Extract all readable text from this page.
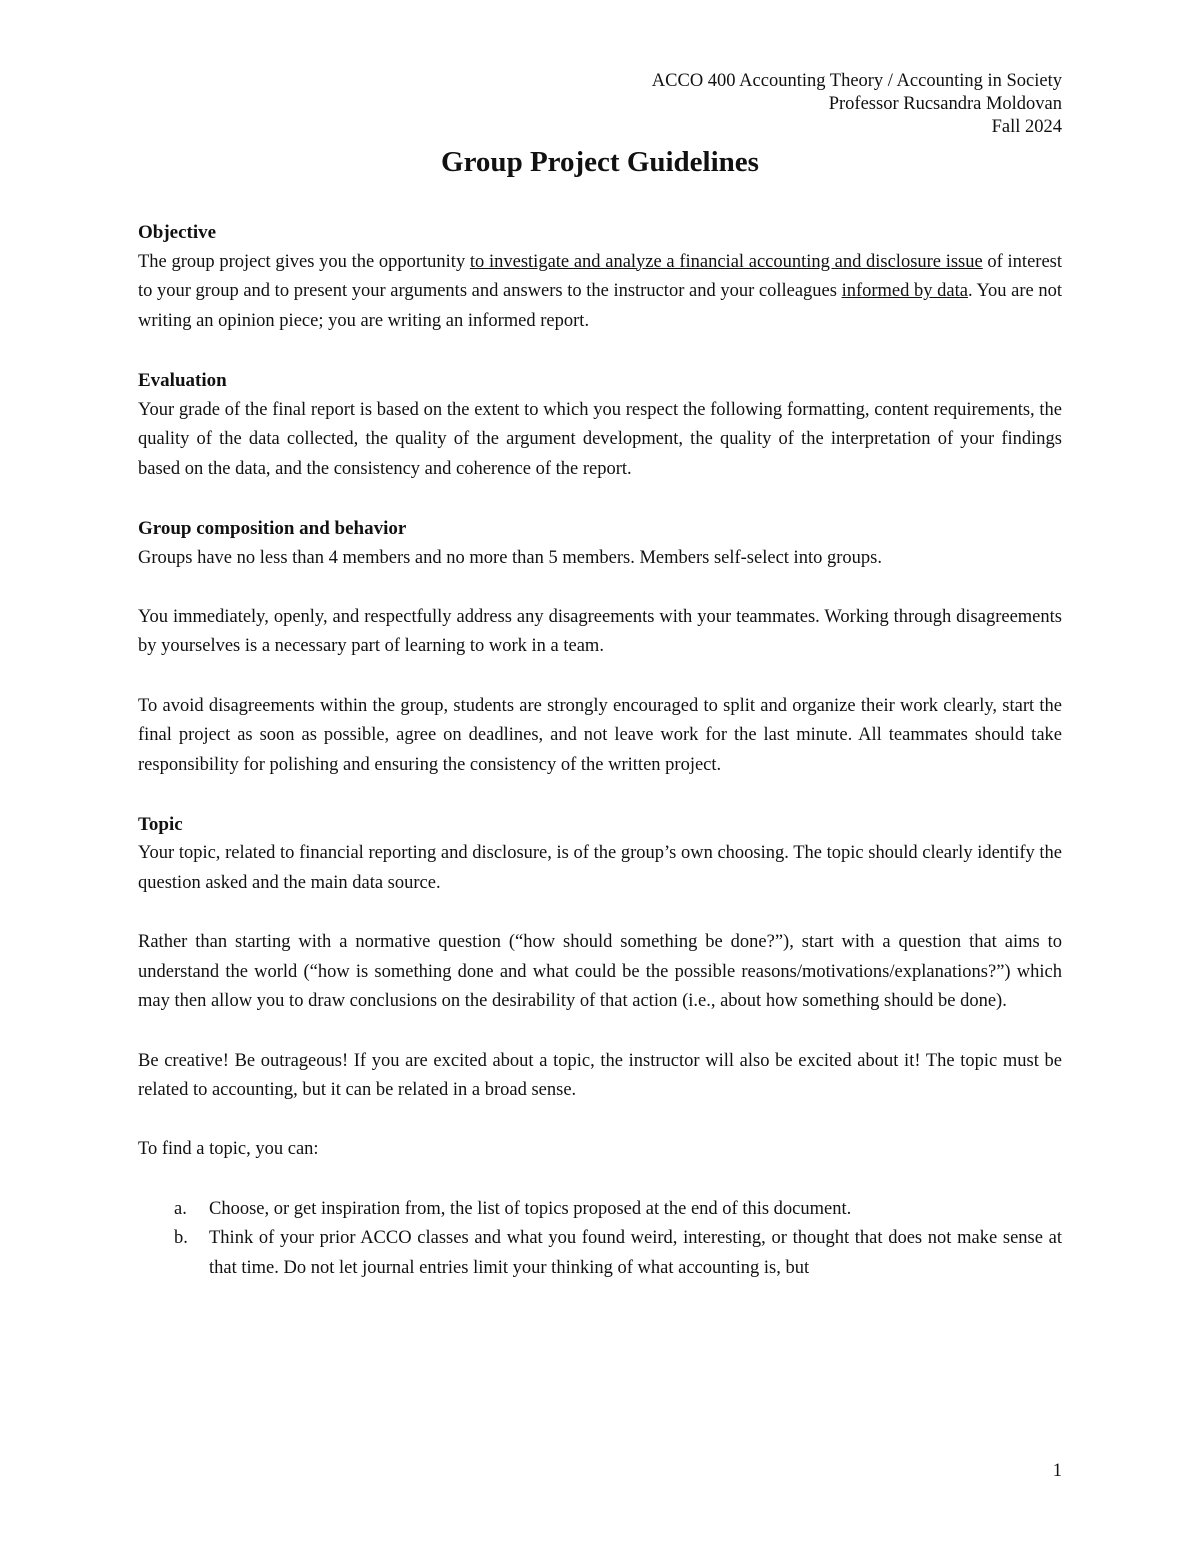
ACCO 400 Accounting Theory / Accounting in Society
Professor Rucsandra Moldovan
Fall 2024
Group Project Guidelines
Objective

The group project gives you the opportunity to investigate and analyze a financial accounting and disclosure issue of interest to your group and to present your arguments and answers to the instructor and your colleagues informed by data. You are not writing an opinion piece; you are writing an informed report.

Evaluation

Your grade of the final report is based on the extent to which you respect the following formatting, content requirements, the quality of the data collected, the quality of the argument development, the quality of the interpretation of your findings based on the data, and the consistency and coherence of the report.

Group composition and behavior

Groups have no less than 4 members and no more than 5 members. Members self-select into groups.

You immediately, openly, and respectfully address any disagreements with your teammates. Working through disagreements by yourselves is a necessary part of learning to work in a team.

To avoid disagreements within the group, students are strongly encouraged to split and organize their work clearly, start the final project as soon as possible, agree on deadlines, and not leave work for the last minute. All teammates should take responsibility for polishing and ensuring the consistency of the written project.

Topic

Your topic, related to financial reporting and disclosure, is of the group’s own choosing. The topic should clearly identify the question asked and the main data source.

Rather than starting with a normative question (“how should something be done?”), start with a question that aims to understand the world (“how is something done and what could be the possible reasons/motivations/explanations?”) which may then allow you to draw conclusions on the desirability of that action (i.e., about how something should be done).

Be creative! Be outrageous! If you are excited about a topic, the instructor will also be excited about it! The topic must be related to accounting, but it can be related in a broad sense.

To find a topic, you can:

a. Choose, or get inspiration from, the list of topics proposed at the end of this document.
b. Think of your prior ACCO classes and what you found weird, interesting, or thought that does not make sense at that time. Do not let journal entries limit your thinking of what accounting is, but
1
